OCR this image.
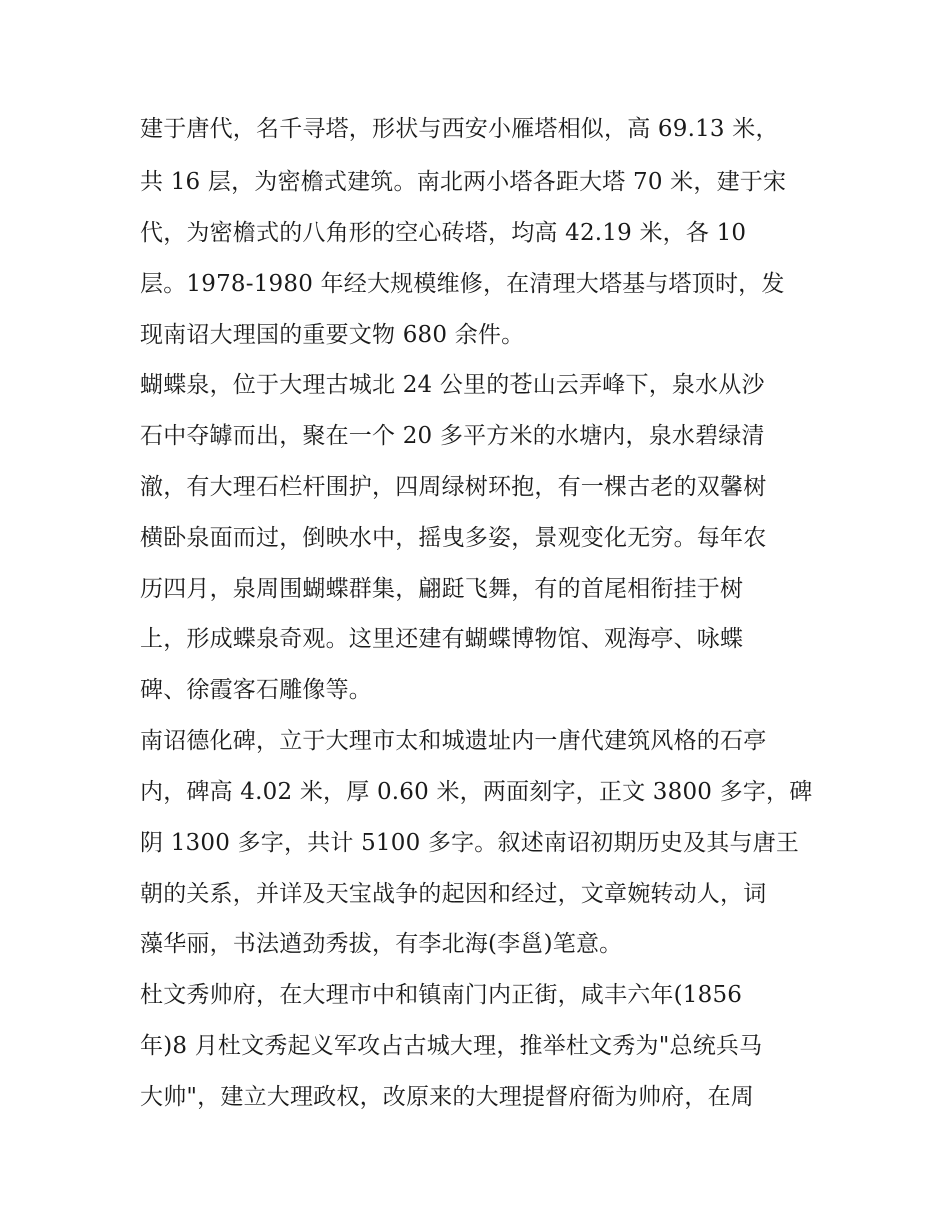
建于唐代，名千寻塔，形状与西安小雁塔相似，高 69.13 米，

共 16 层，为密檐式建筑。南北两小塔各距大塔 70 米，建于宋

代，为密檐式的八角形的空心砖塔，均高 42.19 米，各 10

层。1978-1980 年经大规模维修，在清理大塔基与塔顶时，发

现南诏大理国的重要文物 680 余件。

蝴蝶泉，位于大理古城北 24 公里的苍山云弄峰下，泉水从沙

石中夺罅而出，聚在一个 20 多平方米的水塘内，泉水碧绿清

澈，有大理石栏杆围护，四周绿树环抱，有一棵古老的双馨树

横卧泉面而过，倒映水中，摇曳多姿，景观变化无穷。每年农

历四月，泉周围蝴蝶群集，翩跹飞舞，有的首尾相衔挂于树

上，形成蝶泉奇观。这里还建有蝴蝶博物馆、观海亭、咏蝶

碑、徐霞客石雕像等。

南诏德化碑，立于大理市太和城遗址内一唐代建筑风格的石亭

内，碑高 4.02 米，厚 0.60 米，两面刻字，正文 3800 多字，碑

阴 1300 多字，共计 5100 多字。叙述南诏初期历史及其与唐王

朝的关系，并详及天宝战争的起因和经过，文章婉转动人，词

藻华丽，书法遒劲秀拔，有李北海(李邕)笔意。

杜文秀帅府，在大理市中和镇南门内正街，咸丰六年(1856

年)8 月杜文秀起义军攻占古城大理，推举杜文秀为"总统兵马

大帅"，建立大理政权，改原来的大理提督府衙为帅府，在周
